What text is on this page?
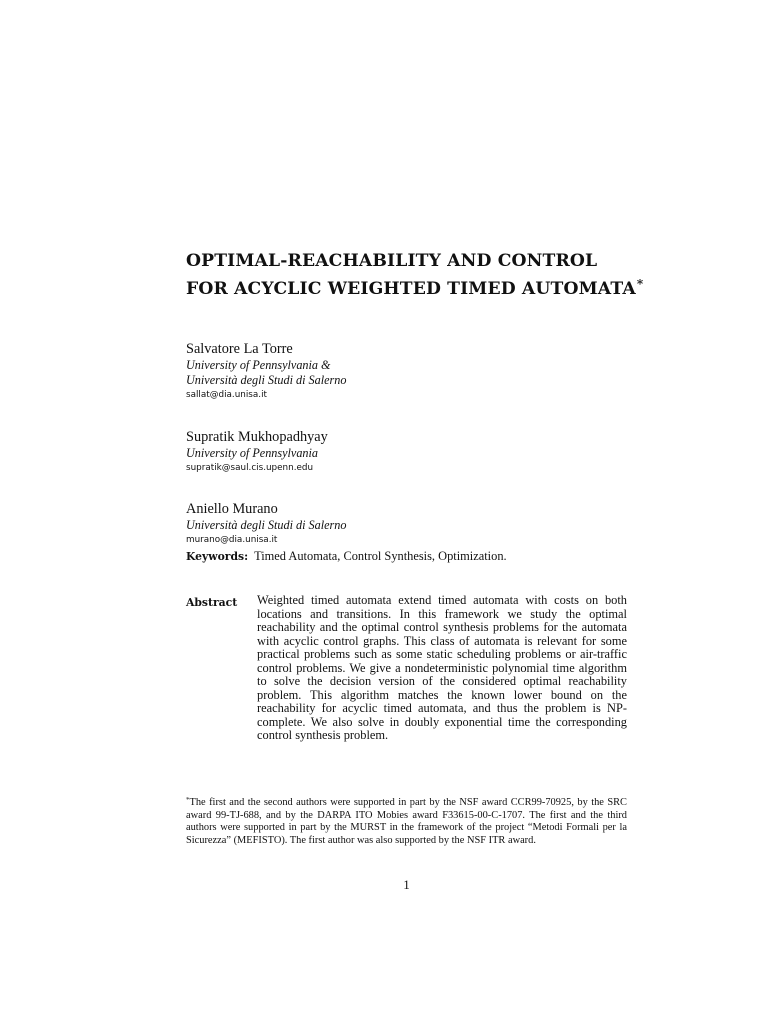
OPTIMAL-REACHABILITY AND CONTROL
FOR ACYCLIC WEIGHTED TIMED AUTOMATA*
Salvatore La Torre
University of Pennsylvania &
Università degli Studi di Salerno
sallat@dia.unisa.it
Supratik Mukhopadhyay
University of Pennsylvania
supratik@saul.cis.upenn.edu
Aniello Murano
Università degli Studi di Salerno
murano@dia.unisa.it
Keywords: Timed Automata, Control Synthesis, Optimization.
Abstract Weighted timed automata extend timed automata with costs on both locations and transitions. In this framework we study the optimal reachability and the optimal control synthesis problems for the automata with acyclic control graphs. This class of automata is relevant for some practical problems such as some static scheduling problems or air-traffic control problems. We give a nondeterministic polynomial time algorithm to solve the decision version of the considered optimal reachability problem. This algorithm matches the known lower bound on the reachability for acyclic timed automata, and thus the problem is NP-complete. We also solve in doubly exponential time the corresponding control synthesis problem.
*The first and the second authors were supported in part by the NSF award CCR99-70925, by the SRC award 99-TJ-688, and by the DARPA ITO Mobies award F33615-00-C-1707. The first and the third authors were supported in part by the MURST in the framework of the project “Metodi Formali per la Sicurezza” (MEFISTO). The first author was also supported by the NSF ITR award.
1
